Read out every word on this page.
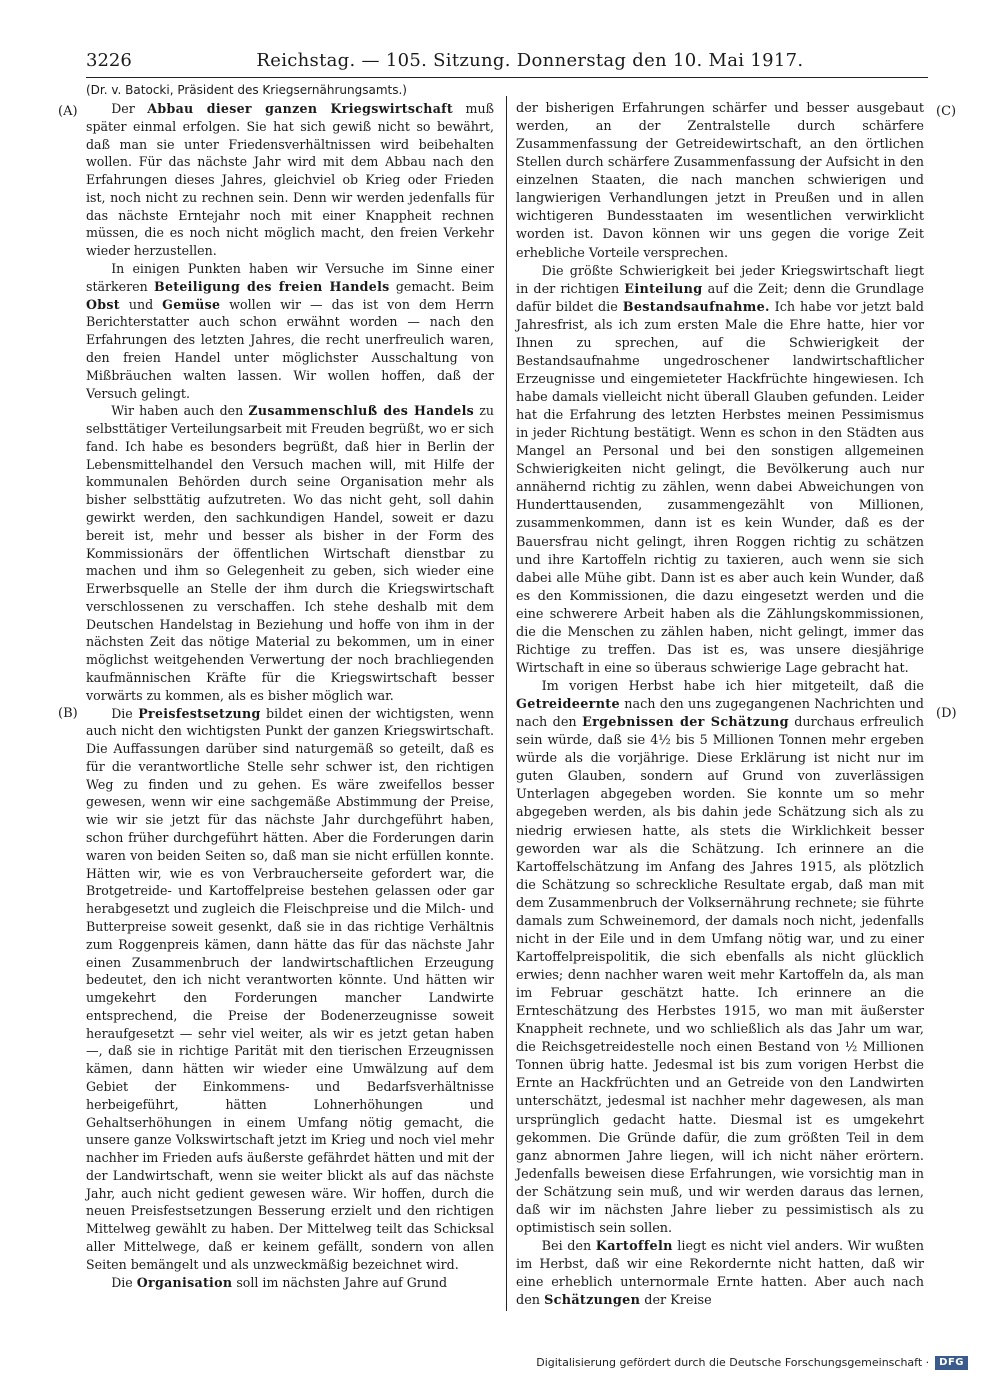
3226	Reichstag. — 105. Sitzung. Donnerstag den 10. Mai 1917.
(Dr. v. Batocki, Präsident des Kriegsernährungsamts.)
(A)
(B)
(C)
(D)

Der Abbau dieser ganzen Kriegswirtschaft muß später einmal erfolgen. Sie hat sich gewiß nicht so bewährt, daß man sie unter Friedensverhältnissen wird beibehalten wollen. Für das nächste Jahr wird mit dem Abbau nach den Erfahrungen dieses Jahres, gleichviel ob Krieg oder Frieden ist, noch nicht zu rechnen sein. Denn wir werden jedenfalls für das nächste Erntejahr noch mit einer Knappheit rechnen müssen, die es noch nicht möglich macht, den freien Verkehr wieder herzustellen.

In einigen Punkten haben wir Versuche im Sinne einer stärkeren Beteiligung des freien Handels gemacht. Beim Obst und Gemüse wollen wir — das ist von dem Herrn Berichterstatter auch schon erwähnt worden — nach den Erfahrungen des letzten Jahres, die recht unerfreulich waren, den freien Handel unter möglichster Ausschaltung von Mißbräuchen walten lassen. Wir wollen hoffen, daß der Versuch gelingt.

Wir haben auch den Zusammenschluß des Handels zu selbsttätiger Verteilungsarbeit mit Freuden begrüßt, wo er sich fand. Ich habe es besonders begrüßt, daß hier in Berlin der Lebensmittelhandel den Versuch machen will, mit Hilfe der kommunalen Behörden durch seine Organisation mehr als bisher selbsttätig aufzutreten. Wo das nicht geht, soll dahin gewirkt werden, den sachkundigen Handel, soweit er dazu bereit ist, mehr und besser als bisher in der Form des Kommissionärs der öffentlichen Wirtschaft dienstbar zu machen und ihm so Gelegenheit zu geben, sich wieder eine Erwerbsquelle an Stelle der ihm durch die Kriegswirtschaft verschlossenen zu verschaffen. Ich stehe deshalb mit dem Deutschen Handelstag in Beziehung und hoffe von ihm in der nächsten Zeit das nötige Material zu bekommen, um in einer möglichst weitgehenden Verwertung der noch brachliegenden kaufmännischen Kräfte für die Kriegswirtschaft besser vorwärts zu kommen, als es bisher möglich war.

Die Preisfestsetzung bildet einen der wichtigsten, wenn auch nicht den wichtigsten Punkt der ganzen Kriegswirtschaft. Die Auffassungen darüber sind naturgemäß so geteilt, daß es für die verantwortliche Stelle sehr schwer ist, den richtigen Weg zu finden und zu gehen. Es wäre zweifellos besser gewesen, wenn wir eine sachgemäße Abstimmung der Preise, wie wir sie jetzt für das nächste Jahr durchgeführt haben, schon früher durchgeführt hätten. Aber die Forderungen darin waren von beiden Seiten so, daß man sie nicht erfüllen konnte. Hätten wir, wie es von Verbraucherseite gefordert war, die Brotgetreide- und Kartoffelpreise bestehen gelassen oder gar herabgesetzt und zugleich die Fleischpreise und die Milch- und Butterpreise soweit gesenkt, daß sie in das richtige Verhältnis zum Roggenpreis kämen, dann hätte das für das nächste Jahr einen Zusammenbruch der landwirtschaftlichen Erzeugung bedeutet, den ich nicht verantworten könnte. Und hätten wir umgekehrt den Forderungen mancher Landwirte entsprechend, die Preise der Bodenerzeugnisse soweit heraufgesetzt — sehr viel weiter, als wir es jetzt getan haben —, daß sie in richtige Parität mit den tierischen Erzeugnissen kämen, dann hätten wir wieder eine Umwälzung auf dem Gebiet der Einkommens- und Bedarfsverhältnisse herbeigeführt, hätten Lohnerhöhungen und Gehaltserhöhungen in einem Umfang nötig gemacht, die unsere ganze Volkswirtschaft jetzt im Krieg und noch viel mehr nachher im Frieden aufs äußerste gefährdet hätten und mit der der Landwirtschaft, wenn sie weiter blickt als auf das nächste Jahr, auch nicht gedient gewesen wäre. Wir hoffen, durch die neuen Preisfestsetzungen Besserung erzielt und den richtigen Mittelweg gewählt zu haben. Der Mittelweg teilt das Schicksal aller Mittelwege, daß er keinem gefällt, sondern von allen Seiten bemängelt und als unzweckmäßig bezeichnet wird.

Die Organisation soll im nächsten Jahre auf Grund

der bisherigen Erfahrungen schärfer und besser ausgebaut werden, an der Zentralstelle durch schärfere Zusammenfassung der Getreidewirtschaft, an den örtlichen Stellen durch schärfere Zusammenfassung der Aufsicht in den einzelnen Staaten, die nach manchen schwierigen und langwierigen Verhandlungen jetzt in Preußen und in allen wichtigeren Bundesstaaten im wesentlichen verwirklicht worden ist. Davon können wir uns gegen die vorige Zeit erhebliche Vorteile versprechen.

Die größte Schwierigkeit bei jeder Kriegswirtschaft liegt in der richtigen Einteilung auf die Zeit; denn die Grundlage dafür bildet die Bestandsaufnahme. Ich habe vor jetzt bald Jahresfrist, als ich zum ersten Male die Ehre hatte, hier vor Ihnen zu sprechen, auf die Schwierigkeit der Bestandsaufnahme ungedroschener landwirtschaftlicher Erzeugnisse und eingemieteter Hackfrüchte hingewiesen. Ich habe damals vielleicht nicht überall Glauben gefunden. Leider hat die Erfahrung des letzten Herbstes meinen Pessimismus in jeder Richtung bestätigt. Wenn es schon in den Städten aus Mangel an Personal und bei den sonstigen allgemeinen Schwierigkeiten nicht gelingt, die Bevölkerung auch nur annähernd richtig zu zählen, wenn dabei Abweichungen von Hunderttausenden, zusammengezählt von Millionen, zusammenkommen, dann ist es kein Wunder, daß es der Bauersfrau nicht gelingt, ihren Roggen richtig zu schätzen und ihre Kartoffeln richtig zu taxieren, auch wenn sie sich dabei alle Mühe gibt. Dann ist es aber auch kein Wunder, daß es den Kommissionen, die dazu eingesetzt werden und die eine schwerere Arbeit haben als die Zählungskommissionen, die die Menschen zu zählen haben, nicht gelingt, immer das Richtige zu treffen. Das ist es, was unsere diesjährige Wirtschaft in eine so überaus schwierige Lage gebracht hat.

Im vorigen Herbst habe ich hier mitgeteilt, daß die Getreideernte nach den uns zugegangenen Nachrichten und nach den Ergebnissen der Schätzung durchaus erfreulich sein würde, daß sie 4½ bis 5 Millionen Tonnen mehr ergeben würde als die vorjährige. Diese Erklärung ist nicht nur im guten Glauben, sondern auf Grund von zuverlässigen Unterlagen abgegeben worden. Sie konnte um so mehr abgegeben werden, als bis dahin jede Schätzung sich als zu niedrig erwiesen hatte, als stets die Wirklichkeit besser geworden war als die Schätzung. Ich erinnere an die Kartoffelschätzung im Anfang des Jahres 1915, als plötzlich die Schätzung so schreckliche Resultate ergab, daß man mit dem Zusammenbruch der Volksernährung rechnete; sie führte damals zum Schweinemord, der damals noch nicht, jedenfalls nicht in der Eile und in dem Umfang nötig war, und zu einer Kartoffelpreispolitik, die sich ebenfalls als nicht glücklich erwies; denn nachher waren weit mehr Kartoffeln da, als man im Februar geschätzt hatte. Ich erinnere an die Ernteschätzung des Herbstes 1915, wo man mit äußerster Knappheit rechnete, und wo schließlich als das Jahr um war, die Reichsgetreidestelle noch einen Bestand von ½ Millionen Tonnen übrig hatte. Jedesmal ist bis zum vorigen Herbst die Ernte an Hackfrüchten und an Getreide von den Landwirten unterschätzt, jedesmal ist nachher mehr dagewesen, als man ursprünglich gedacht hatte. Diesmal ist es umgekehrt gekommen. Die Gründe dafür, die zum größten Teil in dem ganz abnormen Jahre liegen, will ich nicht näher erörtern. Jedenfalls beweisen diese Erfahrungen, wie vorsichtig man in der Schätzung sein muß, und wir werden daraus das lernen, daß wir im nächsten Jahre lieber zu pessimistisch als zu optimistisch sein sollen.

Bei den Kartoffeln liegt es nicht viel anders. Wir wußten im Herbst, daß wir eine Rekordernte nicht hatten, daß wir eine erheblich unternormale Ernte hatten. Aber auch nach den Schätzungen der Kreise

Digitalisierung gefördert durch die Deutsche Forschungsgemeinschaft ·	DFG
